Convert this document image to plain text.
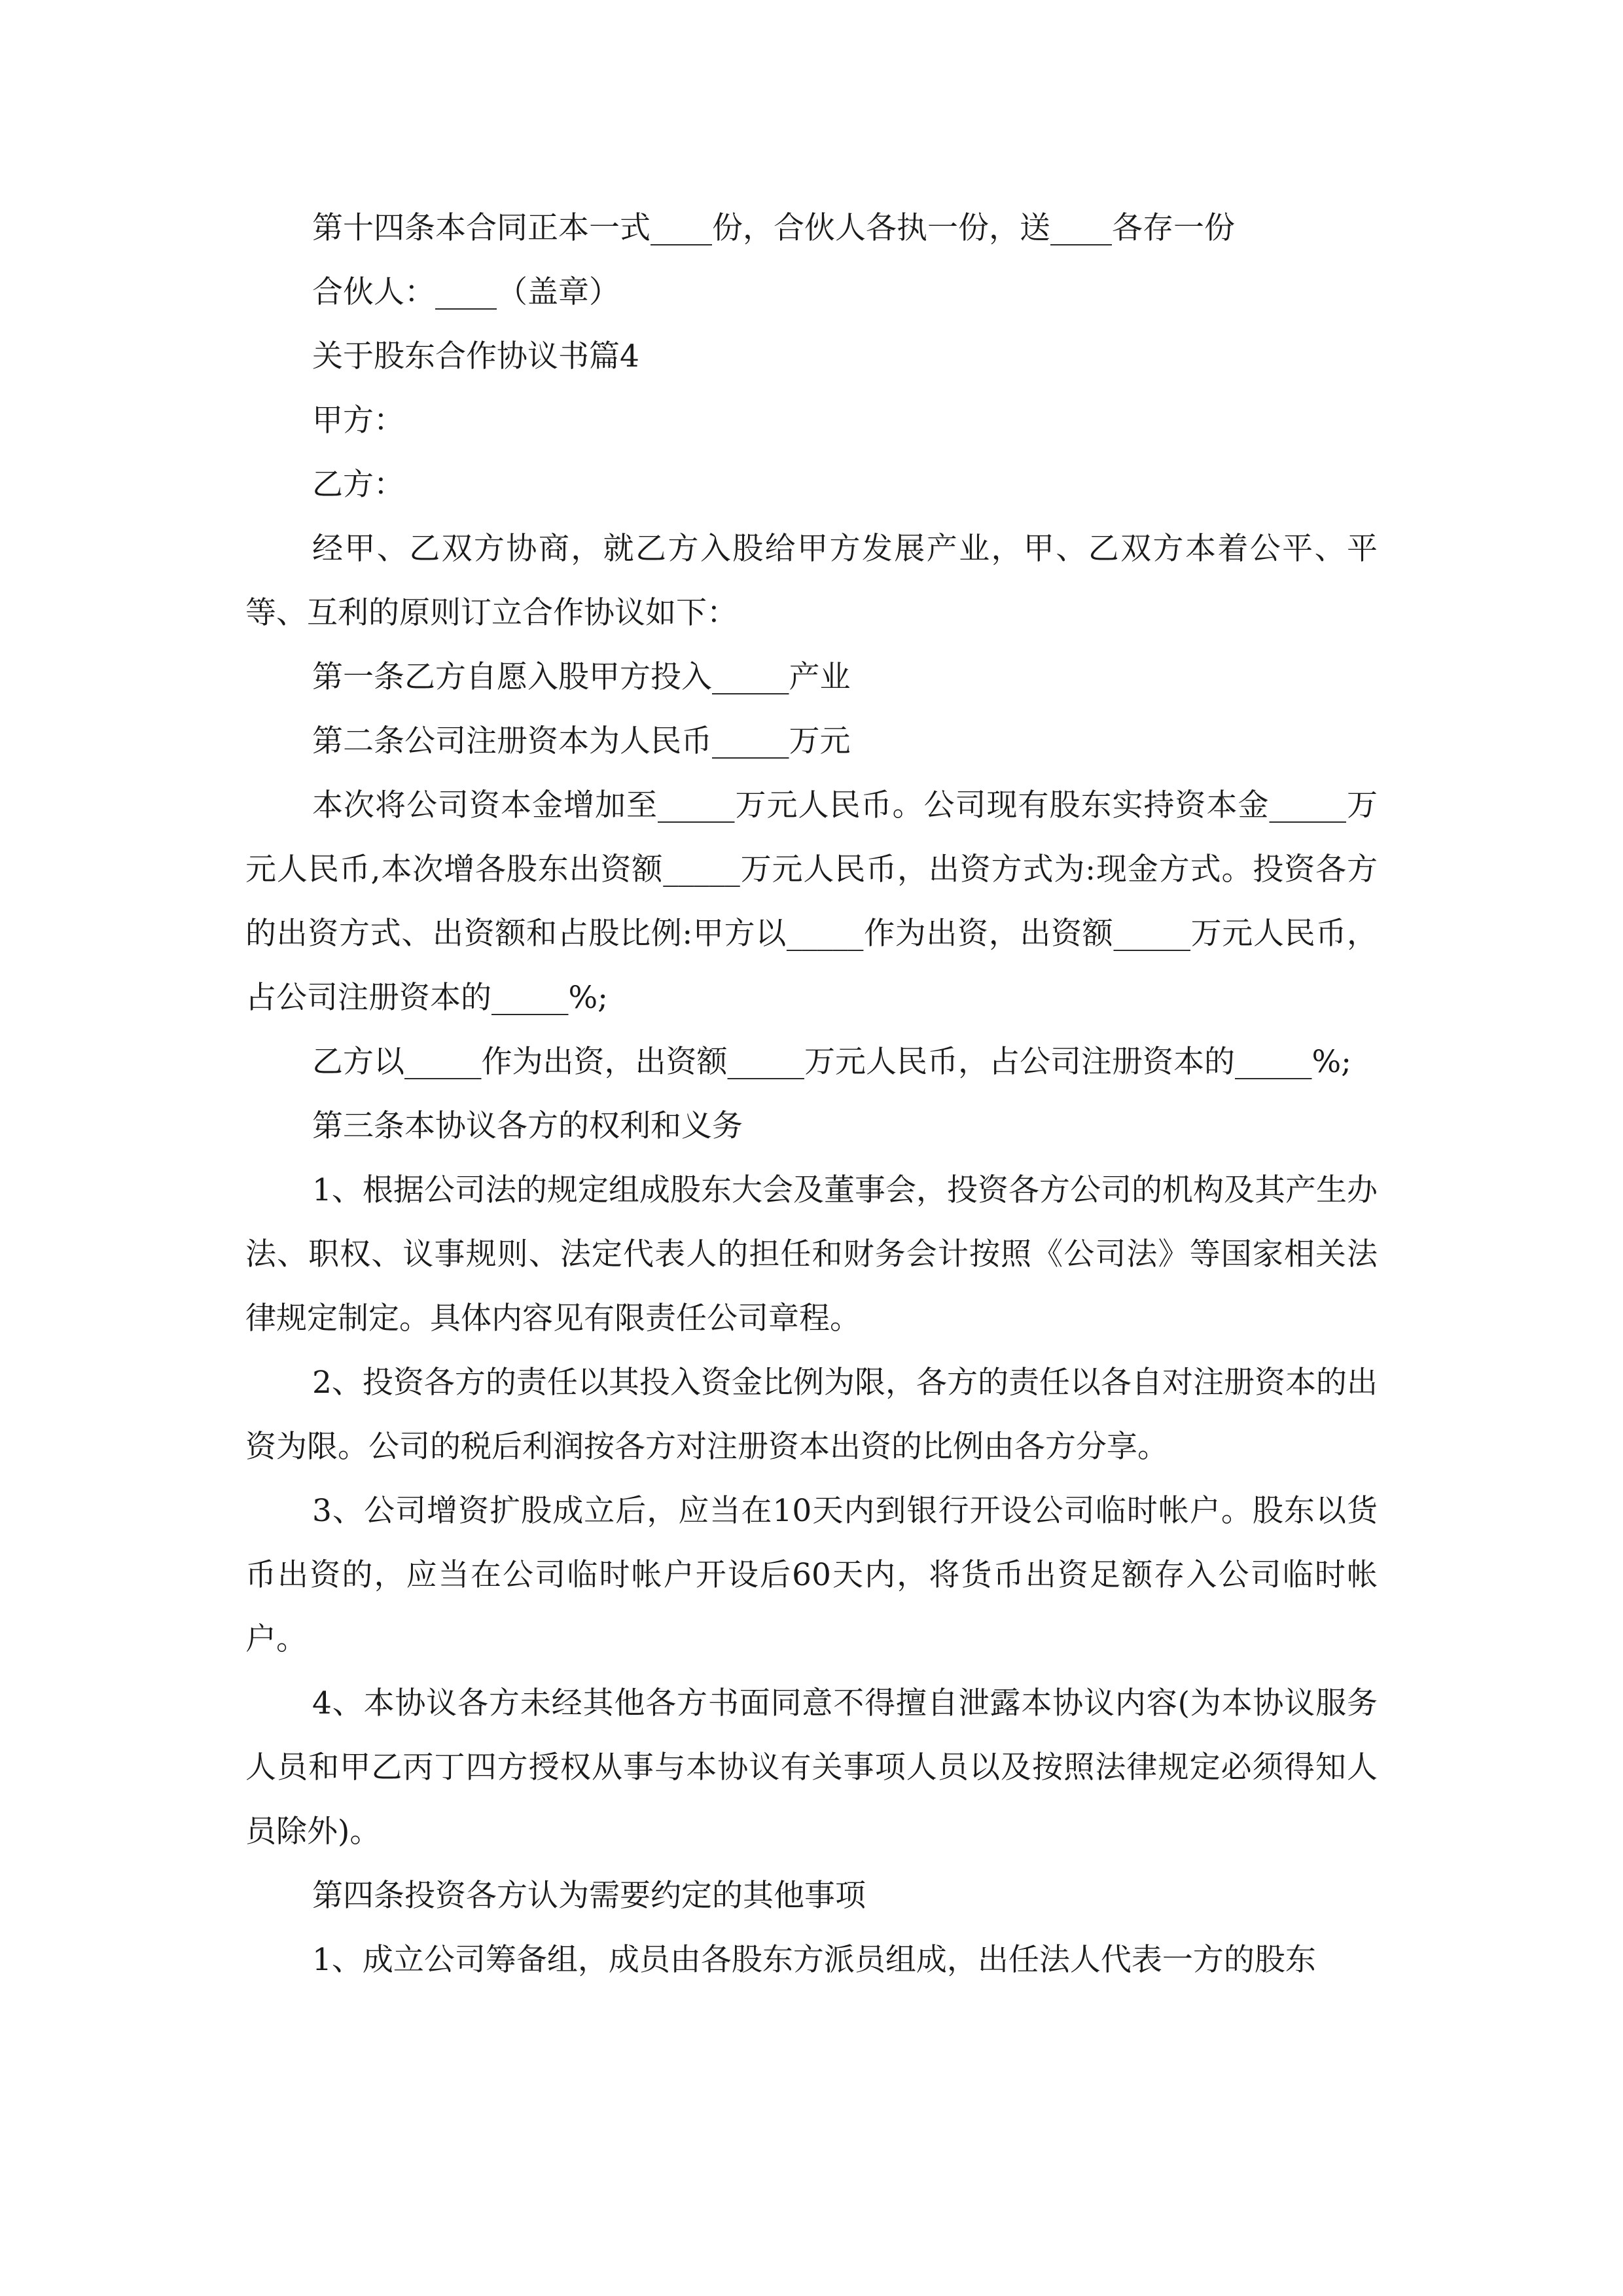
第十四条本合同正本一式____份，合伙人各执一份，送____各存一份

合伙人：____（盖章）

关于股东合作协议书篇4

甲方：

乙方：

经甲、乙双方协商，就乙方入股给甲方发展产业，甲、乙双方本着公平、平等、互利的原则订立合作协议如下：

第一条乙方自愿入股甲方投入_____产业

第二条公司注册资本为人民币_____万元

本次将公司资本金增加至_____万元人民币。公司现有股东实持资本金_____万元人民币,本次增各股东出资额_____万元人民币，出资方式为:现金方式。投资各方的出资方式、出资额和占股比例:甲方以_____作为出资，出资额_____万元人民币，占公司注册资本的_____%;

乙方以_____作为出资，出资额_____万元人民币，占公司注册资本的_____%;

第三条本协议各方的权利和义务

1、根据公司法的规定组成股东大会及董事会，投资各方公司的机构及其产生办法、职权、议事规则、法定代表人的担任和财务会计按照《公司法》等国家相关法律规定制定。具体内容见有限责任公司章程。

2、投资各方的责任以其投入资金比例为限，各方的责任以各自对注册资本的出资为限。公司的税后利润按各方对注册资本出资的比例由各方分享。

3、公司增资扩股成立后，应当在10天内到银行开设公司临时帐户。股东以货币出资的，应当在公司临时帐户开设后60天内，将货币出资足额存入公司临时帐户。

4、本协议各方未经其他各方书面同意不得擅自泄露本协议内容(为本协议服务人员和甲乙丙丁四方授权从事与本协议有关事项人员以及按照法律规定必须得知人员除外)。

第四条投资各方认为需要约定的其他事项

1、成立公司筹备组，成员由各股东方派员组成，出任法人代表一方的股东
